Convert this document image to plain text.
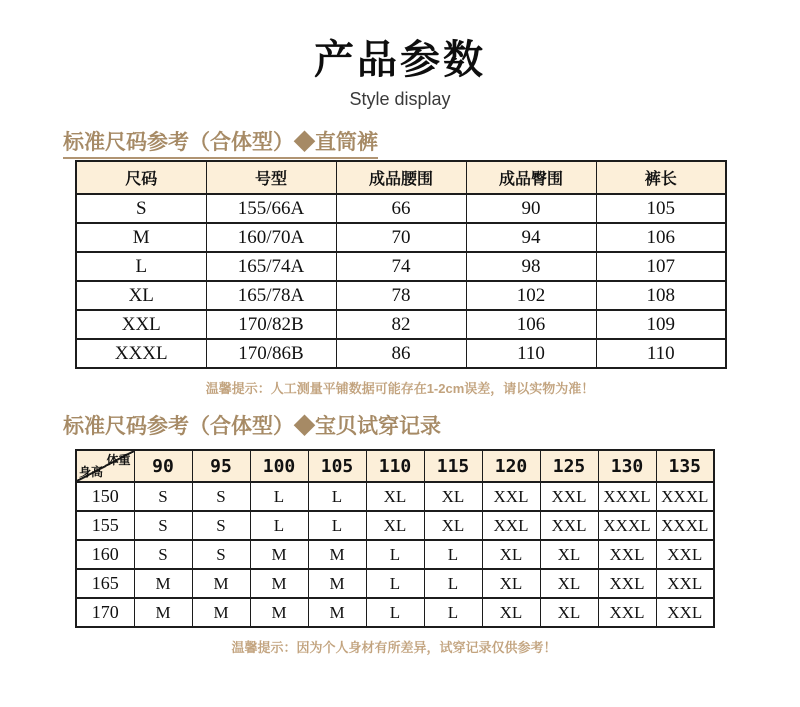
产品参数
Style display
标准尺码参考（合体型）◆直筒裤
尺码	号型	成品腰围	成品臀围	裤长
S	155/66A	66	90	105
M	160/70A	70	94	106
L	165/74A	74	98	107
XL	165/78A	78	102	108
XXL	170/82B	82	106	109
XXXL	170/86B	86	110	110
温馨提示：人工测量平铺数据可能存在1-2cm误差，请以实物为准！
标准尺码参考（合体型）◆宝贝试穿记录
体重
身高	90	95	100	105	110	115	120	125	130	135
150	S	S	L	L	XL	XL	XXL	XXL	XXXL	XXXL
155	S	S	L	L	XL	XL	XXL	XXL	XXXL	XXXL
160	S	S	M	M	L	L	XL	XL	XXL	XXL
165	M	M	M	M	L	L	XL	XL	XXL	XXL
170	M	M	M	M	L	L	XL	XL	XXL	XXL
温馨提示：因为个人身材有所差异，试穿记录仅供参考！
